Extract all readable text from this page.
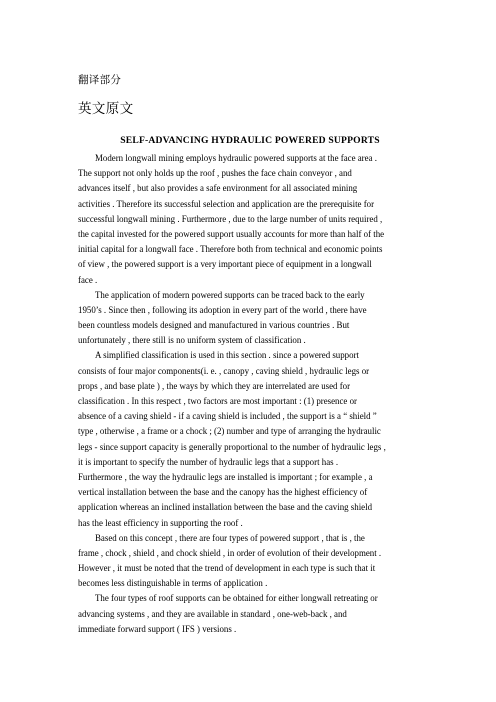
翻译部分
英文原文
SELF-ADVANCING HYDRAULIC POWERED SUPPORTS
Modern longwall mining employs hydraulic powered supports at the face area .
The support not only holds up the roof , pushes the face chain conveyor , and
advances itself , but also provides a safe environment for all associated mining
activities . Therefore its successful selection and application are the prerequisite for
successful longwall mining . Furthermore , due to the large number of units required ,
the capital invested for the powered support usually accounts for more than half of the
initial capital for a longwall face . Therefore both from technical and economic points
of view , the powered support is a very important piece of equipment in a longwall
face .
The application of modern powered supports can be traced back to the early
1950’s . Since then , following its adoption in every part of the world , there have
been countless models designed and manufactured in various countries . But
unfortunately , there still is no uniform system of classification .
A simplified classification is used in this section . since a powered support
consists of four major components(i. e. , canopy , caving shield , hydraulic legs or
props , and base plate ) , the ways by which they are interrelated are used for
classification . In this respect , two factors are most important : (1) presence or
absence of a caving shield - if a caving shield is included , the support is a “ shield ”
type , otherwise , a frame or a chock ; (2) number and type of arranging the hydraulic
legs - since support capacity is generally proportional to the number of hydraulic legs ,
it is important to specify the number of hydraulic legs that a support has .
Furthermore , the way the hydraulic legs are installed is important ; for example , a
vertical installation between the base and the canopy has the highest efficiency of
application whereas an inclined installation between the base and the caving shield
has the least efficiency in supporting the roof .
Based on this concept , there are four types of powered support , that is , the
frame , chock , shield , and chock shield , in order of evolution of their development .
However , it must be noted that the trend of development in each type is such that it
becomes less distinguishable in terms of application .
The four types of roof supports can be obtained for either longwall retreating or
advancing systems , and they are available in standard , one-web-back , and
immediate forward support ( IFS ) versions .
